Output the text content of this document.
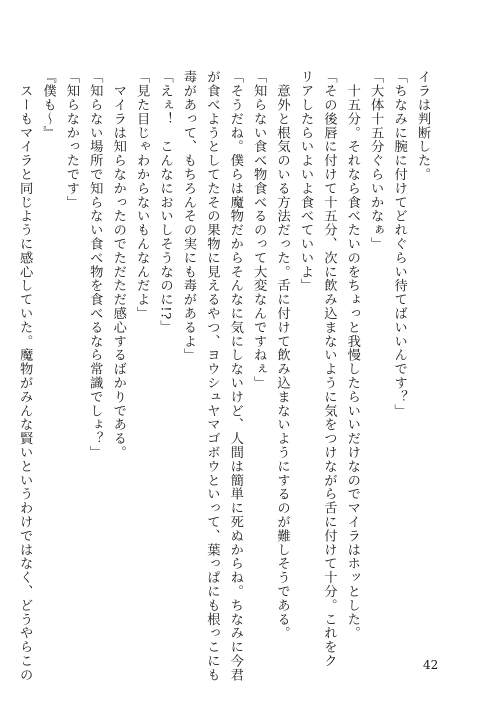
イラは判断した。
「ちなみに腕に付けてどれぐらい待てばいいんです？」
「大体十五分ぐらいかなぁ」
　十五分。それなら食べたいのをちょっと我慢したらいいだけなのでマイラはホッとした。
「その後唇に付けて十五分、次に飲み込まないように気をつけながら舌に付けて十分。これをク
リアしたらいよいよ食べていいよ」
　意外と根気のいる方法だった。舌に付けて飲み込まないようにするのが難しそうである。
「知らない食べ物食べるのって大変なんですねぇ」
「そうだね。僕らは魔物だからそんなに気にしないけど、人間は簡単に死ぬからね。ちなみに今君
が食べようとしてたその果物に見えるやつ、ヨウシュヤマゴボウといって、葉っぱにも根っこにも
毒があって、もちろんその実にも毒があるよ」
「えぇ！　こんなにおいしそうなのに!?」
「見た目じゃわからないもんなんだよ」
　マイラは知らなかったのでただただ感心するばかりである。
「知らない場所で知らない食べ物を食べるなら常識でしょ？」
「知らなかったです」
『僕も～』
　スーもマイラと同じように感心していた。魔物がみんな賢いというわけではなく、どうやらこの	42
